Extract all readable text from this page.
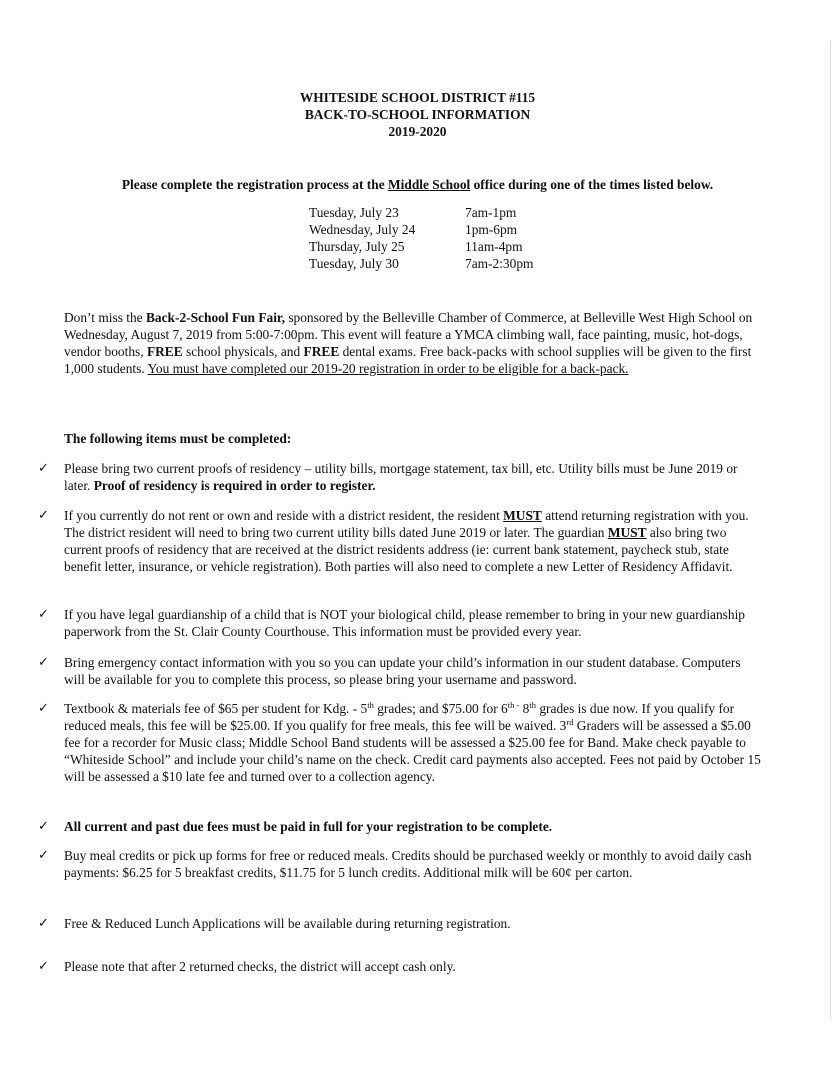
WHITESIDE SCHOOL DISTRICT #115
BACK-TO-SCHOOL INFORMATION
2019-2020
Please complete the registration process at the Middle School office during one of the times listed below.
Tuesday, July 23	7am-1pm
Wednesday, July 24	1pm-6pm
Thursday, July 25	11am-4pm
Tuesday, July 30	7am-2:30pm
Don’t miss the Back-2-School Fun Fair, sponsored by the Belleville Chamber of Commerce, at Belleville West High School on Wednesday, August 7, 2019 from 5:00-7:00pm. This event will feature a YMCA climbing wall, face painting, music, hot-dogs, vendor booths, FREE school physicals, and FREE dental exams. Free back-packs with school supplies will be given to the first 1,000 students. You must have completed our 2019-20 registration in order to be eligible for a back-pack.
The following items must be completed:
✓ Please bring two current proofs of residency – utility bills, mortgage statement, tax bill, etc. Utility bills must be June 2019 or later. Proof of residency is required in order to register.
✓ If you currently do not rent or own and reside with a district resident, the resident MUST attend returning registration with you. The district resident will need to bring two current utility bills dated June 2019 or later. The guardian MUST also bring two current proofs of residency that are received at the district residents address (ie: current bank statement, paycheck stub, state benefit letter, insurance, or vehicle registration). Both parties will also need to complete a new Letter of Residency Affidavit.
✓ If you have legal guardianship of a child that is NOT your biological child, please remember to bring in your new guardianship paperwork from the St. Clair County Courthouse. This information must be provided every year.
✓ Bring emergency contact information with you so you can update your child’s information in our student database. Computers will be available for you to complete this process, so please bring your username and password.
✓ Textbook & materials fee of $65 per student for Kdg. - 5th grades; and $75.00 for $6^{th -}$ 8th grades is due now. If you qualify for reduced meals, this fee will be $25.00. If you qualify for free meals, this fee will be waived. 3rd Graders will be assessed a $5.00 fee for a recorder for Music class; Middle School Band students will be assessed a $25.00 fee for Band. Make check payable to “Whiteside School” and include your child’s name on the check. Credit card payments also accepted. Fees not paid by October 15 will be assessed a $10 late fee and turned over to a collection agency.
✓ All current and past due fees must be paid in full for your registration to be complete.
✓ Buy meal credits or pick up forms for free or reduced meals. Credits should be purchased weekly or monthly to avoid daily cash payments: $6.25 for 5 breakfast credits, $11.75 for 5 lunch credits. Additional milk will be 60¢ per carton.
✓ Free & Reduced Lunch Applications will be available during returning registration.
✓ Please note that after 2 returned checks, the district will accept cash only.
